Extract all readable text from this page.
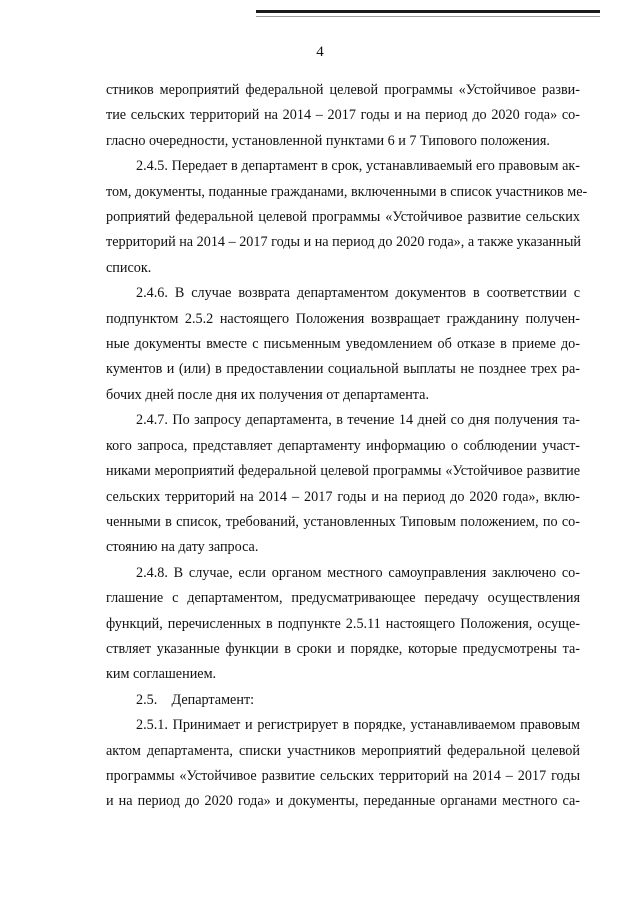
4
стников мероприятий федеральной целевой программы «Устойчивое разви-
тие сельских территорий на 2014 – 2017 годы и на период до 2020 года» со-
гласно очередности, установленной пунктами 6 и 7 Типового положения.
2.4.5. Передает в департамент в срок, устанавливаемый его правовым ак-
том, документы, поданные гражданами, включенными в список участников ме-
роприятий федеральной целевой программы «Устойчивое развитие сельских
территорий на 2014 – 2017 годы и на период до 2020 года», а также указанный
список.
2.4.6. В случае возврата департаментом документов в соответствии с
подпунктом 2.5.2 настоящего Положения возвращает гражданину получен-
ные документы вместе с письменным уведомлением об отказе в приеме до-
кументов и (или) в предоставлении социальной выплаты не позднее трех ра-
бочих дней после дня их получения от департамента.
2.4.7. По запросу департамента, в течение 14 дней со дня получения та-
кого запроса, представляет департаменту информацию о соблюдении участ-
никами мероприятий федеральной целевой программы «Устойчивое развитие
сельских территорий на 2014 – 2017 годы и на период до 2020 года», вклю-
ченными в список, требований, установленных Типовым положением, по со-
стоянию на дату запроса.
2.4.8. В случае, если органом местного самоуправления заключено со-
глашение с департаментом, предусматривающее передачу осуществления
функций, перечисленных в подпункте 2.5.11 настоящего Положения, осуще-
ствляет указанные функции в сроки и порядке, которые предусмотрены та-
ким соглашением.
2.5.    Департамент:
2.5.1. Принимает и регистрирует в порядке, устанавливаемом правовым
актом департамента, списки участников мероприятий федеральной целевой
программы «Устойчивое развитие сельских территорий на 2014 – 2017 годы
и на период до 2020 года» и документы, переданные органами местного са-
